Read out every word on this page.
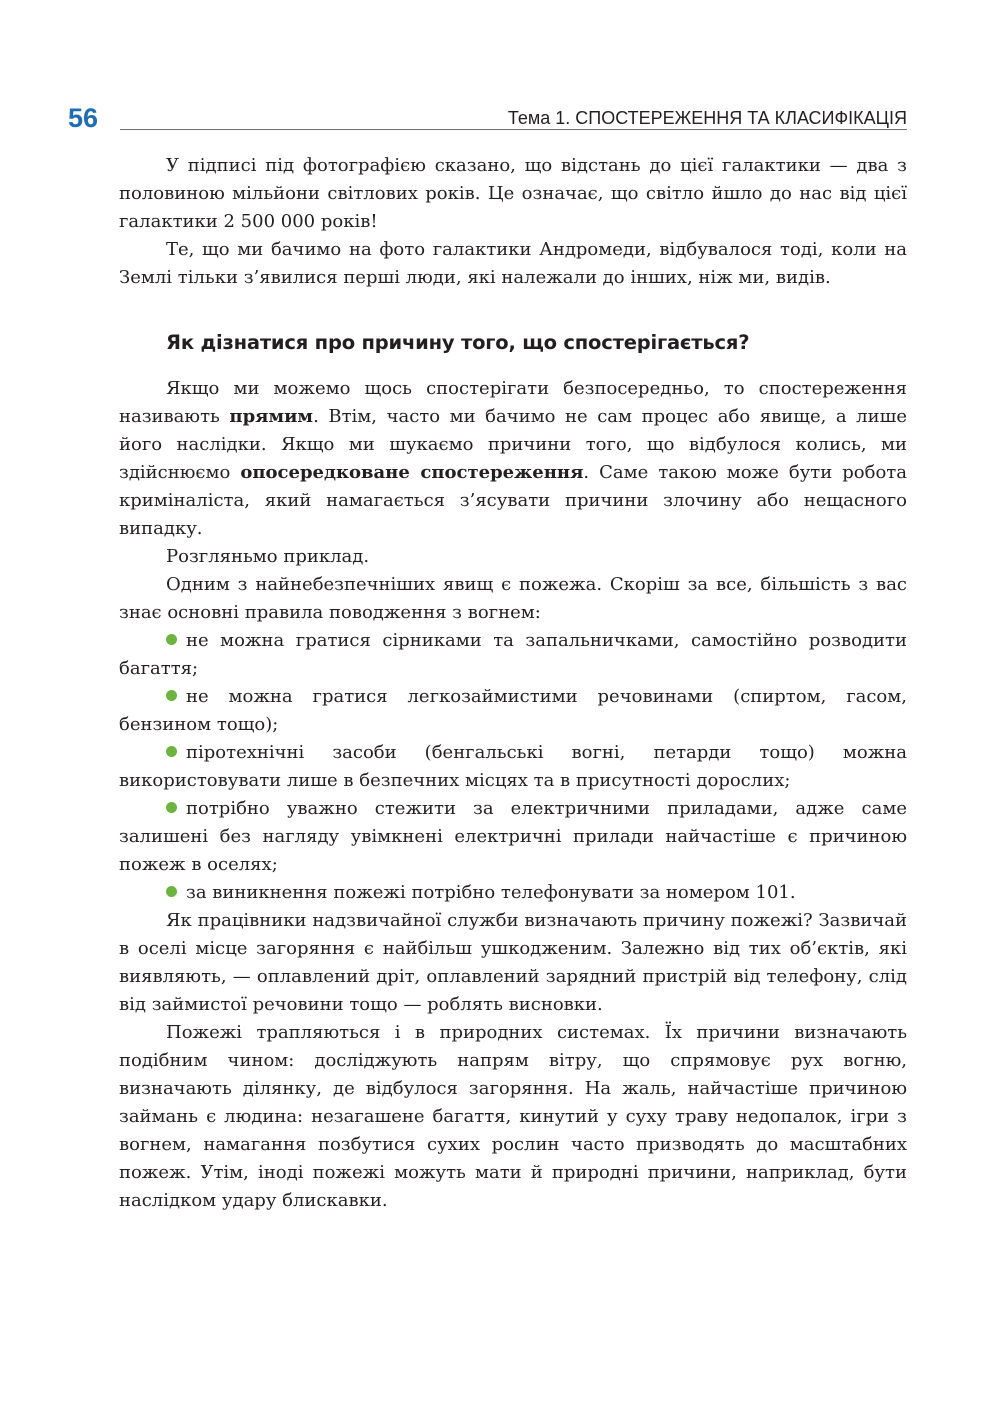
56	Тема 1. СПОСТЕРЕЖЕННЯ ТА КЛАСИФІКАЦІЯ

У підписі під фотографією сказано, що відстань до цієї галактики — два з половиною мільйони світлових років. Це означає, що світло йшло до нас від цієї галактики 2 500 000 років!

Те, що ми бачимо на фото галактики Андромеди, відбувалося тоді, коли на Землі тільки з’явилися перші люди, які належали до інших, ніж ми, видів.

Як дізнатися про причину того, що спостерігається?

Якщо ми можемо щось спостерігати безпосередньо, то спостереження називають прямим. Втім, часто ми бачимо не сам процес або явище, а лише його наслідки. Якщо ми шукаємо причини того, що відбулося колись, ми здійснюємо опосередковане спостереження. Саме такою може бути робота криміналіста, який намагається з’ясувати причини злочину або нещасного випадку.

Розгляньмо приклад.

Одним з найнебезпечніших явищ є пожежа. Скоріш за все, більшість з вас знає основні правила поводження з вогнем:

не можна гратися сірниками та запальничками, самостійно розводити багаття;

не можна гратися легкозаймистими речовинами (спиртом, гасом, бензином тощо);

піротехнічні засоби (бенгальські вогні, петарди тощо) можна використовувати лише в безпечних місцях та в присутності дорослих;

потрібно уважно стежити за електричними приладами, адже саме залишені без нагляду увімкнені електричні прилади найчастіше є причиною пожеж в оселях;

за виникнення пожежі потрібно телефонувати за номером 101.

Як працівники надзвичайної служби визначають причину пожежі? Зазвичай в оселі місце загоряння є найбільш ушкодженим. Залежно від тих об’єктів, які виявляють, — оплавлений дріт, оплавлений зарядний пристрій від телефону, слід від займистої речовини тощо — роблять висновки.

Пожежі трапляються і в природних системах. Їх причини визначають подібним чином: досліджують напрям вітру, що спрямовує рух вогню, визначають ділянку, де відбулося загоряння. На жаль, найчастіше причиною займань є людина: незагашене багаття, кинутий у суху траву недопалок, ігри з вогнем, намагання позбутися сухих рослин часто призводять до масштабних пожеж. Утім, іноді пожежі можуть мати й природні причини, наприклад, бути наслідком удару блискавки.
